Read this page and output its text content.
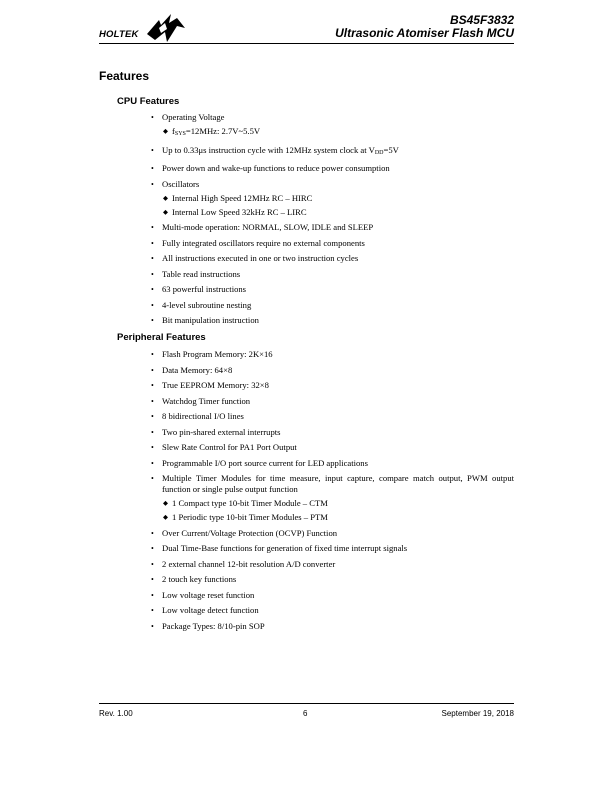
HOLTEK
BS45F3832
Ultrasonic Atomiser Flash MCU
Features
CPU Features
• Operating Voltage
◆ $f_{SYS}=12MHz$: 2.7V~5.5V
• Up to 0.33μs instruction cycle with 12MHz system clock at $V_{DD}=5V$
• Power down and wake-up functions to reduce power consumption
• Oscillators
◆ Internal High Speed 12MHz RC – HIRC
◆ Internal Low Speed 32kHz RC – LIRC
• Multi-mode operation: NORMAL, SLOW, IDLE and SLEEP
• Fully integrated oscillators require no external components
• All instructions executed in one or two instruction cycles
• Table read instructions
• 63 powerful instructions
• 4-level subroutine nesting
• Bit manipulation instruction
Peripheral Features
• Flash Program Memory: 2K×16
• Data Memory: 64×8
• True EEPROM Memory: 32×8
• Watchdog Timer function
• 8 bidirectional I/O lines
• Two pin-shared external interrupts
• Slew Rate Control for PA1 Port Output
• Programmable I/O port source current for LED applications
• Multiple Timer Modules for time measure, input capture, compare match output, PWM output function or single pulse output function
◆ 1 Compact type 10-bit Timer Module – CTM
◆ 1 Periodic type 10-bit Timer Modules – PTM
• Over Current/Voltage Protection (OCVP) Function
• Dual Time-Base functions for generation of fixed time interrupt signals
• 2 external channel 12-bit resolution A/D converter
• 2 touch key functions
• Low voltage reset function
• Low voltage detect function
• Package Types: 8/10-pin SOP
Rev. 1.00	6	September 19, 2018
